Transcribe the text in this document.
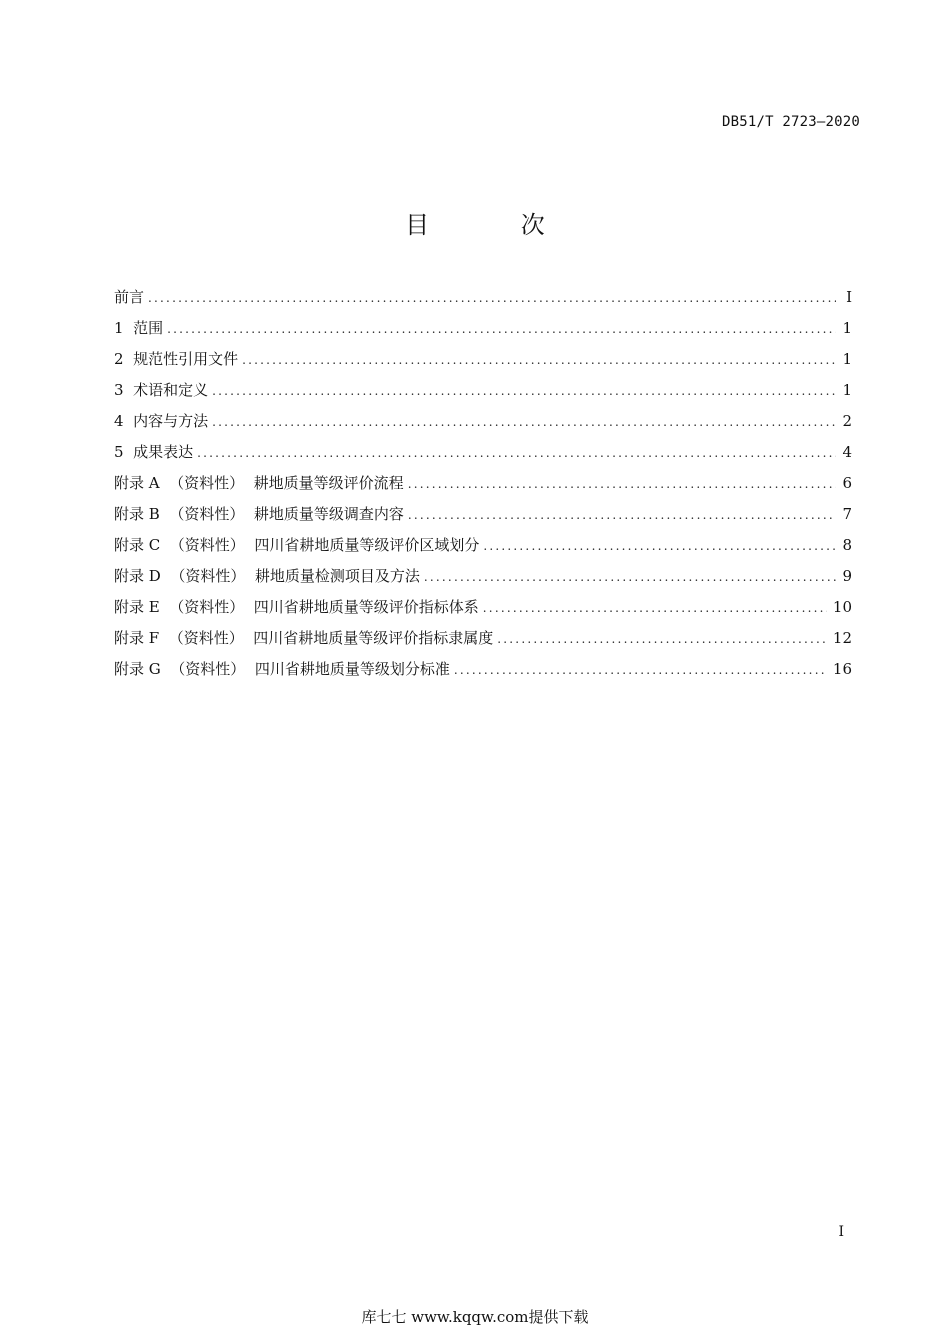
DB51/T 2723—2020
目 次
前言 .....	I
1  范围 .....	1
2  规范性引用文件 .....	1
3  术语和定义 .....	1
4  内容与方法 .....	2
5  成果表达 .....	4
附录 A  （资料性）  耕地质量等级评价流程 .....	6
附录 B  （资料性）  耕地质量等级调查内容 .....	7
附录 C  （资料性）  四川省耕地质量等级评价区域划分 .....	8
附录 D  （资料性）  耕地质量检测项目及方法 .....	9
附录 E  （资料性）  四川省耕地质量等级评价指标体系 .....	10
附录 F  （资料性）  四川省耕地质量等级评价指标隶属度 .....	12
附录 G  （资料性）  四川省耕地质量等级划分标准 .....	16
I
库七七 www.kqqw.com提供下载
